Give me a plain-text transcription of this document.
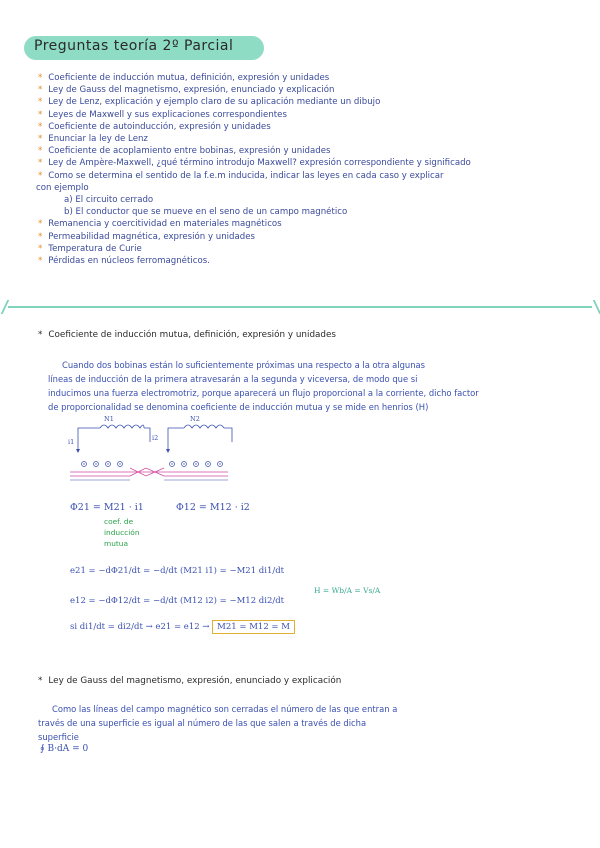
Preguntas teoría 2º Parcial
* Coeficiente de inducción mutua, definición, expresión y unidades
* Ley de Gauss del magnetismo, expresión, enunciado y explicación
* Ley de Lenz, explicación y ejemplo claro de su aplicación mediante un dibujo
* Leyes de Maxwell y sus explicaciones correspondientes
* Coeficiente de autoinducción, expresión y unidades
* Enunciar la ley de Lenz
* Coeficiente de acoplamiento entre bobinas, expresión y unidades
* Ley de Ampère-Maxwell, ¿qué término introdujo Maxwell? expresión correspondiente y significado
* Como se determina el sentido de la f.e.m inducida, indicar las leyes en cada caso y explicar
con ejemplo
a) El circuito cerrado
b) El conductor que se mueve en el seno de un campo magnético
* Remanencia y coercitividad en materiales magnéticos
* Permeabilidad magnética, expresión y unidades
* Temperatura de Curie
* Pérdidas en núcleos ferromagnéticos.
* Coeficiente de inducción mutua, definición, expresión y unidades
Cuando dos bobinas están lo suficientemente próximas una respecto a la otra algunas
líneas de inducción de la primera atravesarán a la segunda y viceversa, de modo que si
inducimos una fuerza electromotriz, porque aparecerá un flujo proporcional a la corriente, dicho factor
de proporcionalidad se denomina coeficiente de inducción mutua y se mide en henrios (H)
N1	N2
i1	i2
Φ21 = M21 · i1	Φ12 = M12 · i2
coef. de inducción mutua
e21 = −dΦ21/dt = −d/dt (M21 i1) = −M21 di1/dt
e12 = −dΦ12/dt = −d/dt (M12 i2) = −M12 di2/dt
si di1/dt = di2/dt → e21 = e12 → M21 = M12 = M
H = Wb/A = Vs/A
* Ley de Gauss del magnetismo, expresión, enunciado y explicación
Como las líneas del campo magnético son cerradas el número de las que entran a
través de una superficie es igual al número de las que salen a través de dicha
superficie
∮ B·dA = 0
